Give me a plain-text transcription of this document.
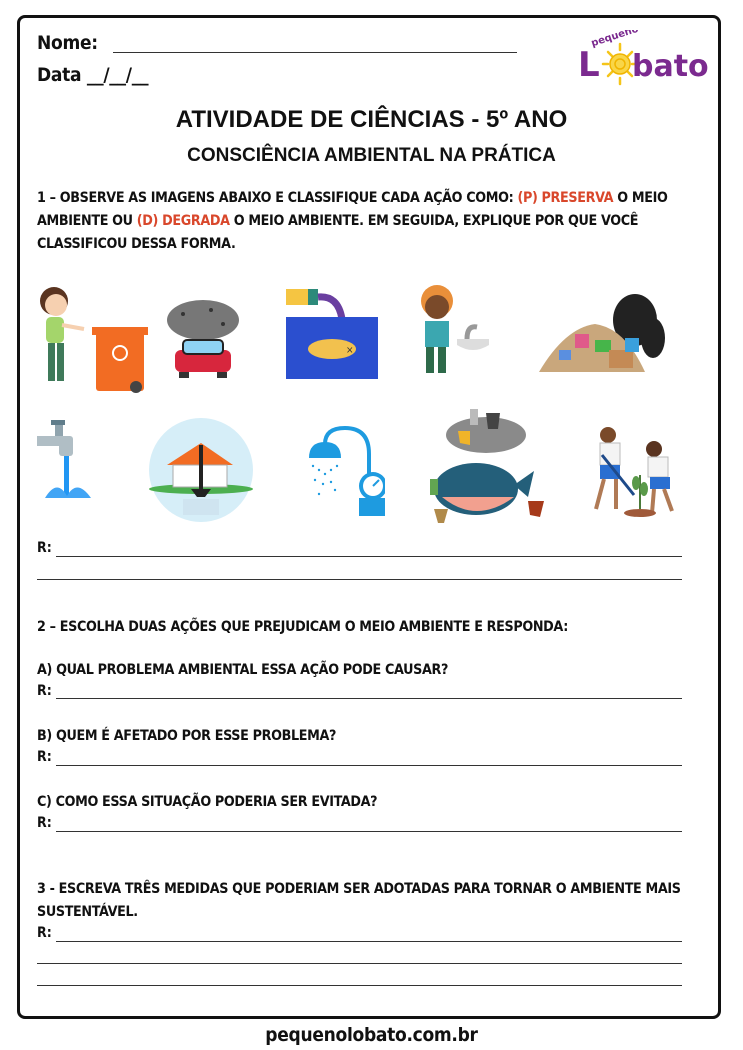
Nome:
Data __/__/__	L bato
pequeno
ATIVIDADE DE CIÊNCIAS - 5º ANO
CONSCIÊNCIA AMBIENTAL NA PRÁTICA
1 – OBSERVE AS IMAGENS ABAIXO E CLASSIFIQUE CADA AÇÃO COMO: (P) PRESERVA O MEIO AMBIENTE OU (D) DEGRADA O MEIO AMBIENTE. EM SEGUIDA, EXPLIQUE POR QUE VOCÊ CLASSIFICOU DESSA FORMA.
×
R:
2 – ESCOLHA DUAS AÇÕES QUE PREJUDICAM O MEIO AMBIENTE E RESPONDA:
A) QUAL PROBLEMA AMBIENTAL ESSA AÇÃO PODE CAUSAR?
R:
B) QUEM É AFETADO POR ESSE PROBLEMA?
R:
C) COMO ESSA SITUAÇÃO PODERIA SER EVITADA?
R:
3 - ESCREVA TRÊS MEDIDAS QUE PODERIAM SER ADOTADAS PARA TORNAR O AMBIENTE MAIS SUSTENTÁVEL.
R:
pequenolobato.com.br
